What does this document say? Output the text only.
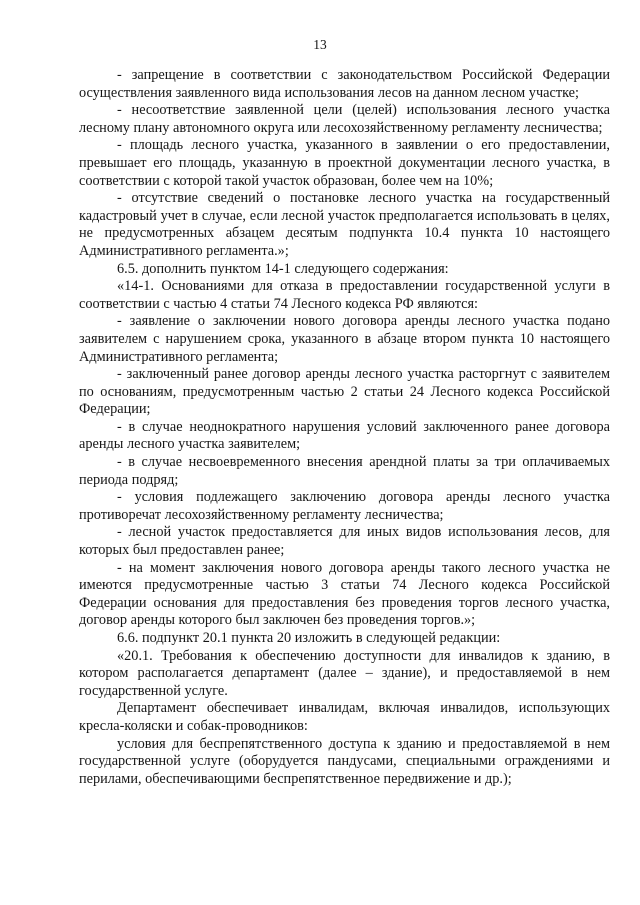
13

- запрещение в соответствии с законодательством Российской Федерации осуществления заявленного вида использования лесов на данном лесном участке;

- несоответствие заявленной цели (целей) использования лесного участка лесному плану автономного округа или лесохозяйственному регламенту лесничества;

- площадь лесного участка, указанного в заявлении о его предоставлении, превышает его площадь, указанную в проектной документации лесного участка, в соответствии с которой такой участок образован, более чем на 10%;

- отсутствие сведений о постановке лесного участка на государственный кадастровый учет в случае, если лесной участок предполагается использовать в целях, не предусмотренных абзацем десятым подпункта 10.4 пункта 10 настоящего Административного регламента.»;

6.5. дополнить пунктом 14-1 следующего содержания:

«14-1. Основаниями для отказа в предоставлении государственной услуги в соответствии с частью 4 статьи 74 Лесного кодекса РФ являются:

- заявление о заключении нового договора аренды лесного участка подано заявителем с нарушением срока, указанного в абзаце втором пункта 10 настоящего Административного регламента;

- заключенный ранее договор аренды лесного участка расторгнут с заявителем по основаниям, предусмотренным частью 2 статьи 24 Лесного кодекса Российской Федерации;

- в случае неоднократного нарушения условий заключенного ранее договора аренды лесного участка заявителем;

- в случае несвоевременного внесения арендной платы за три оплачиваемых периода подряд;

- условия подлежащего заключению договора аренды лесного участка противоречат лесохозяйственному регламенту лесничества;

- лесной участок предоставляется для иных видов использования лесов, для которых был предоставлен ранее;

- на момент заключения нового договора аренды такого лесного участка не имеются предусмотренные частью 3 статьи 74 Лесного кодекса Российской Федерации основания для предоставления без проведения торгов лесного участка, договор аренды которого был заключен без проведения торгов.»;

6.6. подпункт 20.1 пункта 20 изложить в следующей редакции:

«20.1. Требования к обеспечению доступности для инвалидов к зданию, в котором располагается департамент (далее – здание), и предоставляемой в нем государственной услуге.

Департамент обеспечивает инвалидам, включая инвалидов, использующих кресла-коляски и собак-проводников:

условия для беспрепятственного доступа к зданию и предоставляемой в нем государственной услуге (оборудуется пандусами, специальными ограждениями и перилами, обеспечивающими беспрепятственное передвижение и др.);
